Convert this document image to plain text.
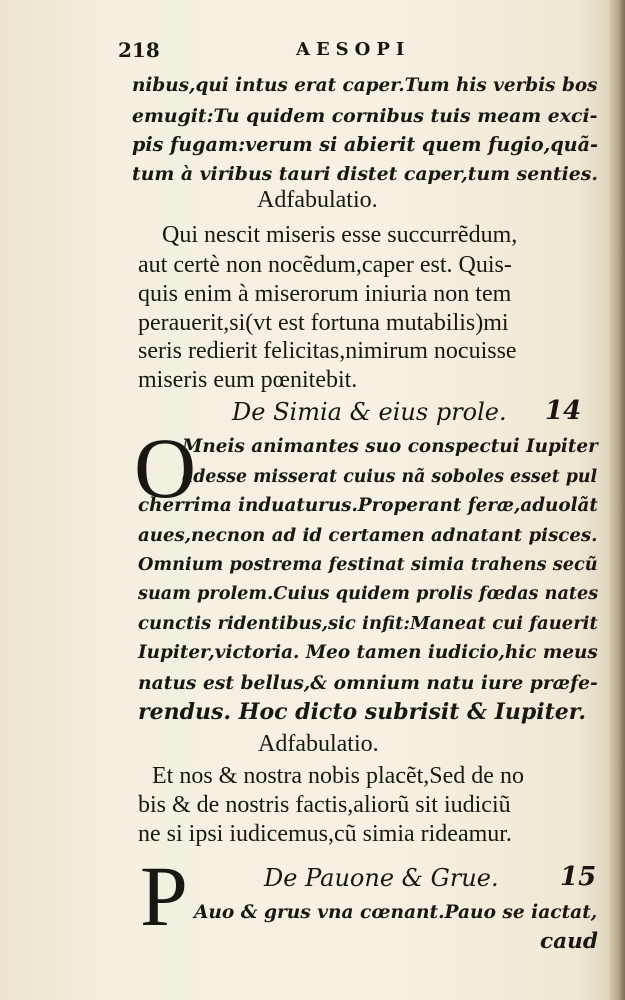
218	AESOPI
nibus,qui intus erat caper.Tum his verbis bos
emugit:Tu quidem cornibus tuis meam exci-
pis fugam:verum si abierit quem fugio,quã-
tum à viribus tauri distet caper,tum senties.
Adfabulatio.
Qui nescit miseris esse succurrẽdum,
aut certè non nocẽdum,caper est. Quis-
quis enim à miserorum iniuria non tem
perauerit,si(vt est fortuna mutabilis)mi
seris redierit felicitas,nimirum nocuisse
miseris eum pœnitebit.
De Simia & eius prole. 14
O
Mneis animantes suo conspectui Iupiter
adesse misserat cuius nã soboles esset pul
cherrima induaturus.Properant feræ,aduolãt
aues,necnon ad id certamen adnatant pisces.
Omnium postrema festinat simia trahens secũ
suam prolem.Cuius quidem prolis fœdas nates
cunctis ridentibus,sic infit:Maneat cui fauerit
Iupiter,victoria. Meo tamen iudicio,hic meus
natus est bellus,& omnium natu iure præfe-
rendus. Hoc dicto subrisit & Iupiter.
Adfabulatio.
Et nos & nostra nobis placẽt,Sed de no
bis & de nostris factis,aliorũ sit iudiciũ
ne si ipsi iudicemus,cũ simia rideamur.
P	De Pauone & Grue. 15
Auo & grus vna cœnant.Pauo se iactat,
caud
